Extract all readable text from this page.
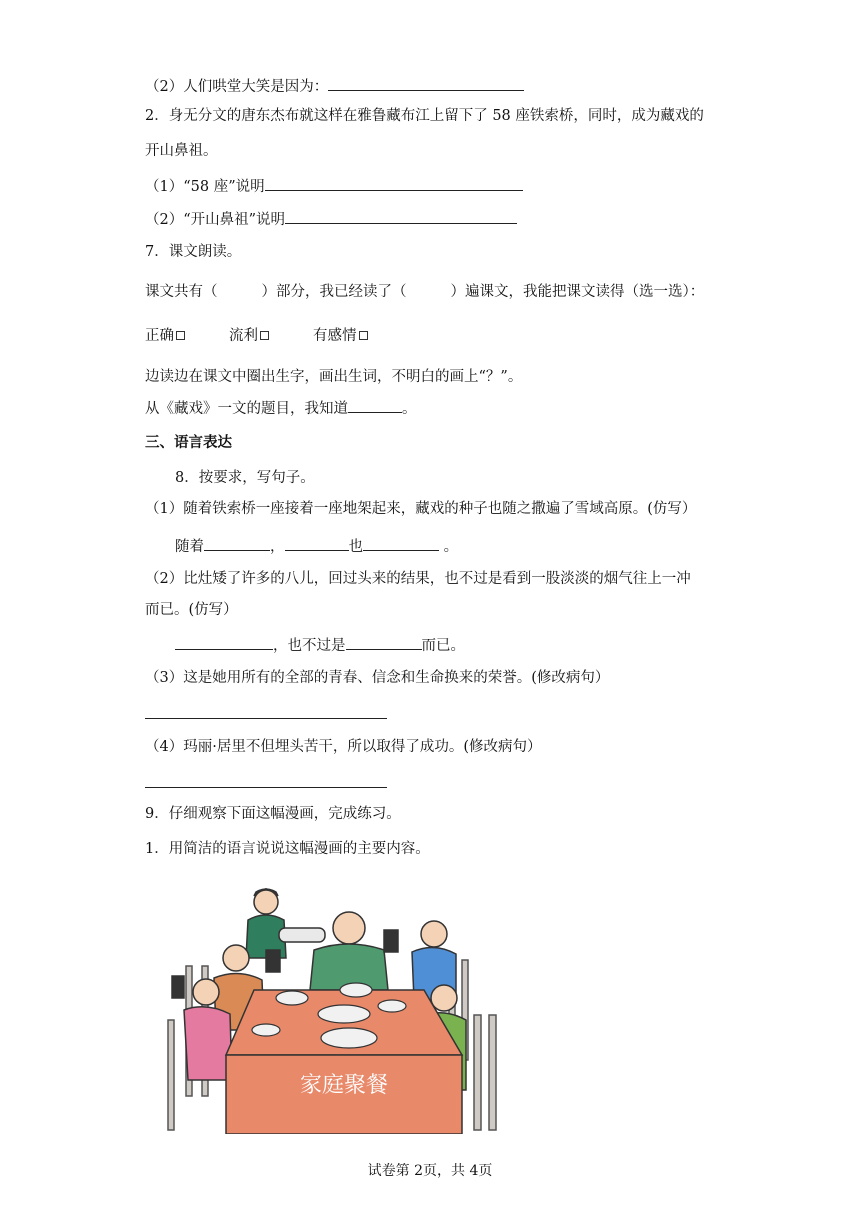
（2）人们哄堂大笑是因为：
2．身无分文的唐东杰布就这样在雅鲁藏布江上留下了 58 座铁索桥，同时，成为藏戏的
开山鼻祖。
（1）“58 座”说明
（2）“开山鼻祖”说明
7．课文朗读。
课文共有（	）部分，我已经读了（	）遍课文，我能把课文读得（选一选）：
正确	流利	有感情
边读边在课文中圈出生字，画出生词，不明白的画上“？”。
从《藏戏》一文的题目，我知道	。
三、语言表达
8．按要求，写句子。
（1）随着铁索桥一座接着一座地架起来，藏戏的种子也随之撒遍了雪域高原。(仿写）
随着	，	也	。
（2）比灶矮了许多的八儿，回过头来的结果，也不过是看到一股淡淡的烟气往上一冲
而已。(仿写）
，也不过是	而已。
（3）这是她用所有的全部的青春、信念和生命换来的荣誉。(修改病句）
（4）玛丽·居里不但埋头苦干，所以取得了成功。(修改病句）
9．仔细观察下面这幅漫画，完成练习。
1．用简洁的语言说说这幅漫画的主要内容。
家庭聚餐
试卷第 2页，共 4页
